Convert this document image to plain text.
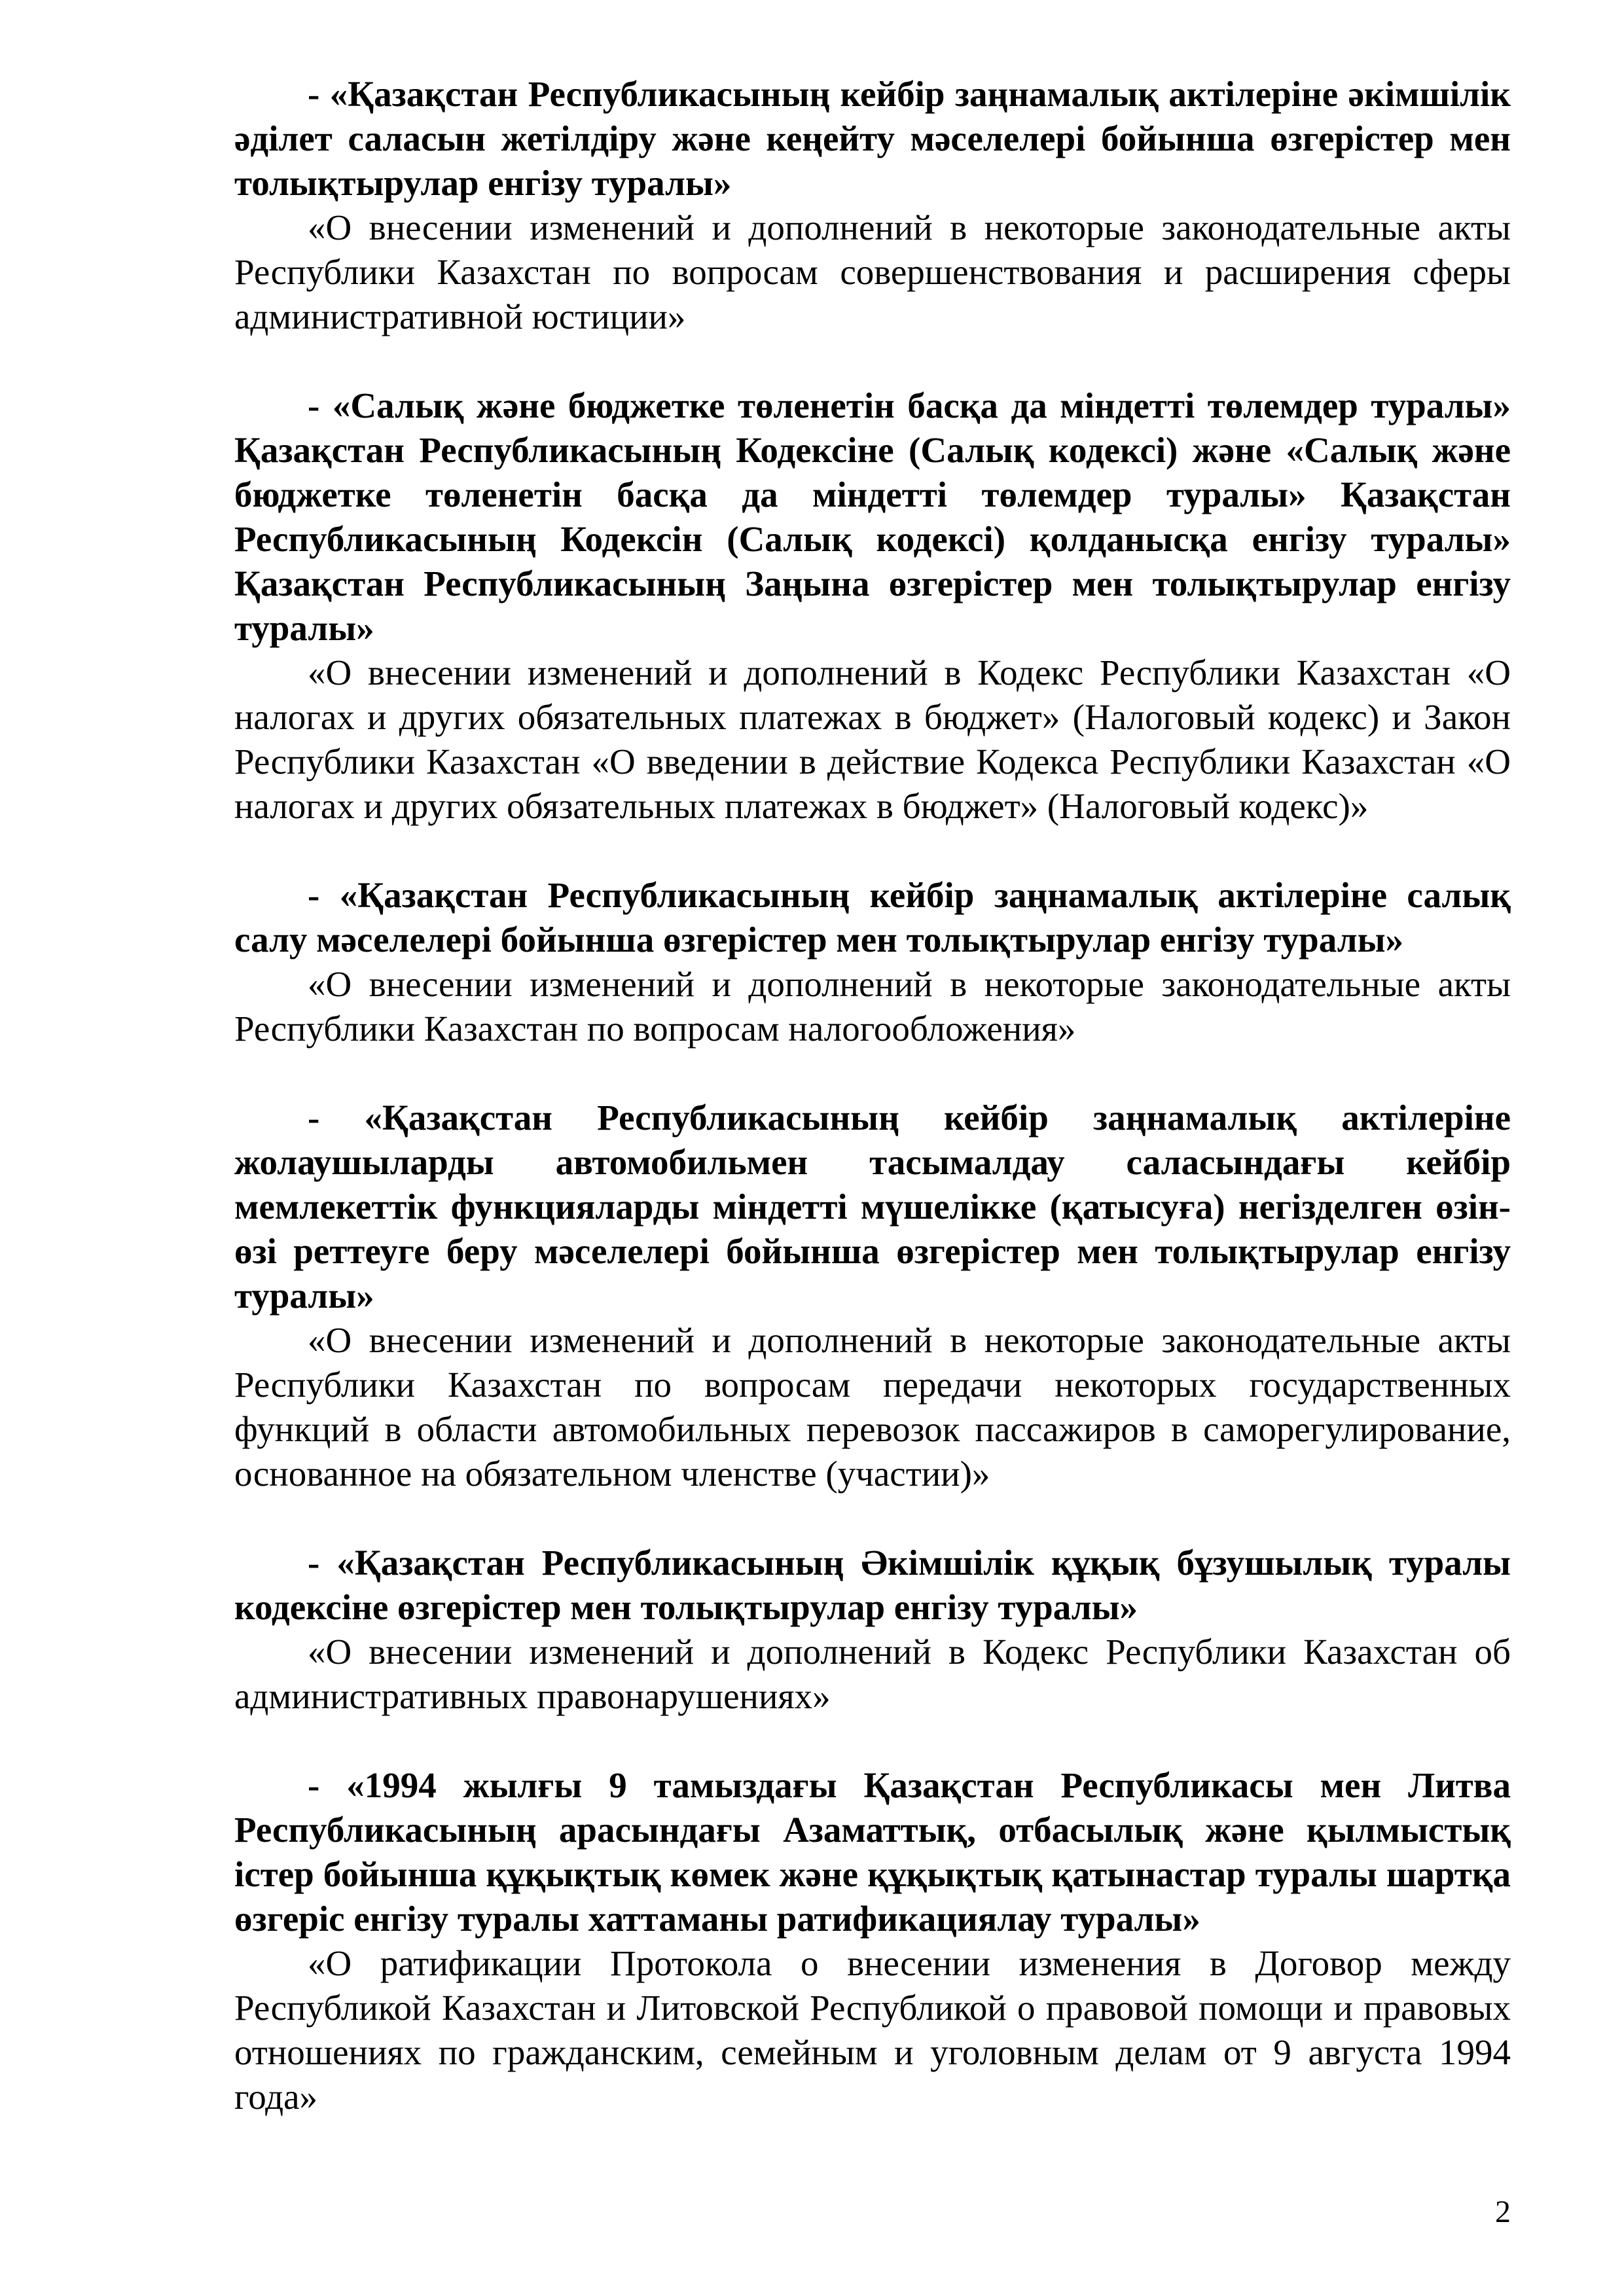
- «Қазақстан Республикасының кейбір заңнамалық актілеріне әкімшілік әділет саласын жетілдіру және кеңейту мәселелері бойынша өзгерістер мен толықтырулар енгізу туралы»

«О внесении изменений и дополнений в некоторые законодательные акты Республики Казахстан по вопросам совершенствования и расширения сферы административной юстиции»

- «Салық және бюджетке төленетін басқа да міндетті төлемдер туралы» Қазақстан Республикасының Кодексіне (Салық кодексі) және «Салық және бюджетке төленетін басқа да міндетті төлемдер туралы» Қазақстан Республикасының Кодексін (Салық кодексі) қолданысқа енгізу туралы» Қазақстан Республикасының Заңына өзгерістер мен толықтырулар енгізу туралы»

«О внесении изменений и дополнений в Кодекс Республики Казахстан «О налогах и других обязательных платежах в бюджет» (Налоговый кодекс) и Закон Республики Казахстан «О введении в действие Кодекса Республики Казахстан «О налогах и других обязательных платежах в бюджет» (Налоговый кодекс)»

- «Қазақстан Республикасының кейбір заңнамалық актілеріне салық салу мәселелері бойынша өзгерістер мен толықтырулар енгізу туралы»

«О внесении изменений и дополнений в некоторые законодательные акты Республики Казахстан по вопросам налогообложения»

- «Қазақстан Республикасының кейбір заңнамалық актілеріне жолаушыларды автомобильмен тасымалдау саласындағы кейбір мемлекеттік функцияларды міндетті мүшелікке (қатысуға) негізделген өзін-өзі реттеуге беру мәселелері бойынша өзгерістер мен толықтырулар енгізу туралы»

«О внесении изменений и дополнений в некоторые законодательные акты Республики Казахстан по вопросам передачи некоторых государственных функций в области автомобильных перевозок пассажиров в саморегулирование, основанное на обязательном членстве (участии)»

- «Қазақстан Республикасының Әкімшілік құқық бұзушылық туралы кодексіне өзгерістер мен толықтырулар енгізу туралы»

«О внесении изменений и дополнений в Кодекс Республики Казахстан об административных правонарушениях»

- «1994 жылғы 9 тамыздағы Қазақстан Республикасы мен Литва Республикасының арасындағы Азаматтық, отбасылық және қылмыстық істер бойынша құқықтық көмек және құқықтық қатынастар туралы шартқа өзгеріс енгізу туралы хаттаманы ратификациялау туралы»

«О ратификации Протокола о внесении изменения в Договор между Республикой Казахстан и Литовской Республикой о правовой помощи и правовых отношениях по гражданским, семейным и уголовным делам от 9 августа 1994 года»

2
